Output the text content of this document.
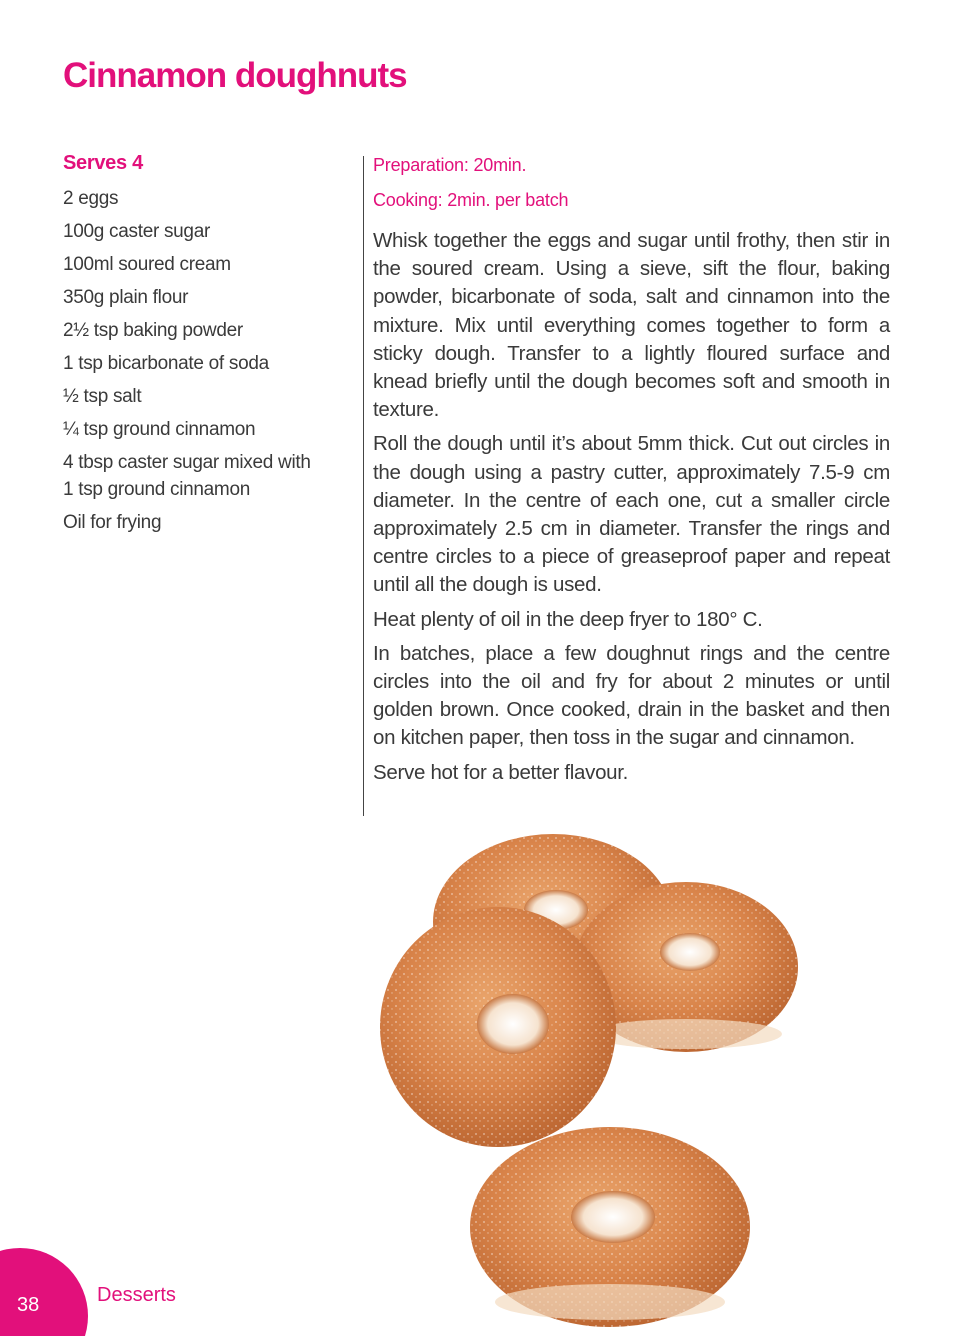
Cinnamon doughnuts
Serves 4
2 eggs
100g caster sugar
100ml soured cream
350g plain flour
2½ tsp baking powder
1 tsp bicarbonate of soda
½ tsp salt
¼ tsp ground cinnamon
4 tbsp caster sugar mixed with 1 tsp ground cinnamon
Oil for frying
Preparation: 20min.
Cooking: 2min. per batch

Whisk together the eggs and sugar until frothy, then stir in the soured cream. Using a sieve, sift the flour, baking powder, bicarbonate of soda, salt and cinnamon into the mixture. Mix until everything comes together to form a sticky dough. Transfer to a lightly floured surface and knead briefly until the dough becomes soft and smooth in texture.

Roll the dough until it’s about 5mm thick. Cut out circles in the dough using a pastry cutter, approximately 7.5-9 cm diameter. In the centre of each one, cut a smaller circle approximately 2.5 cm in diameter. Transfer the rings and centre circles to a piece of greaseproof paper and repeat until all the dough is used.

Heat plenty of oil in the deep fryer to 180° C.

In batches, place a few doughnut rings and the centre circles into the oil and fry for about 2 minutes or until golden brown. Once cooked, drain in the basket and then on kitchen paper, then toss in the sugar and cinnamon.

Serve hot for a better flavour.

38	Desserts
